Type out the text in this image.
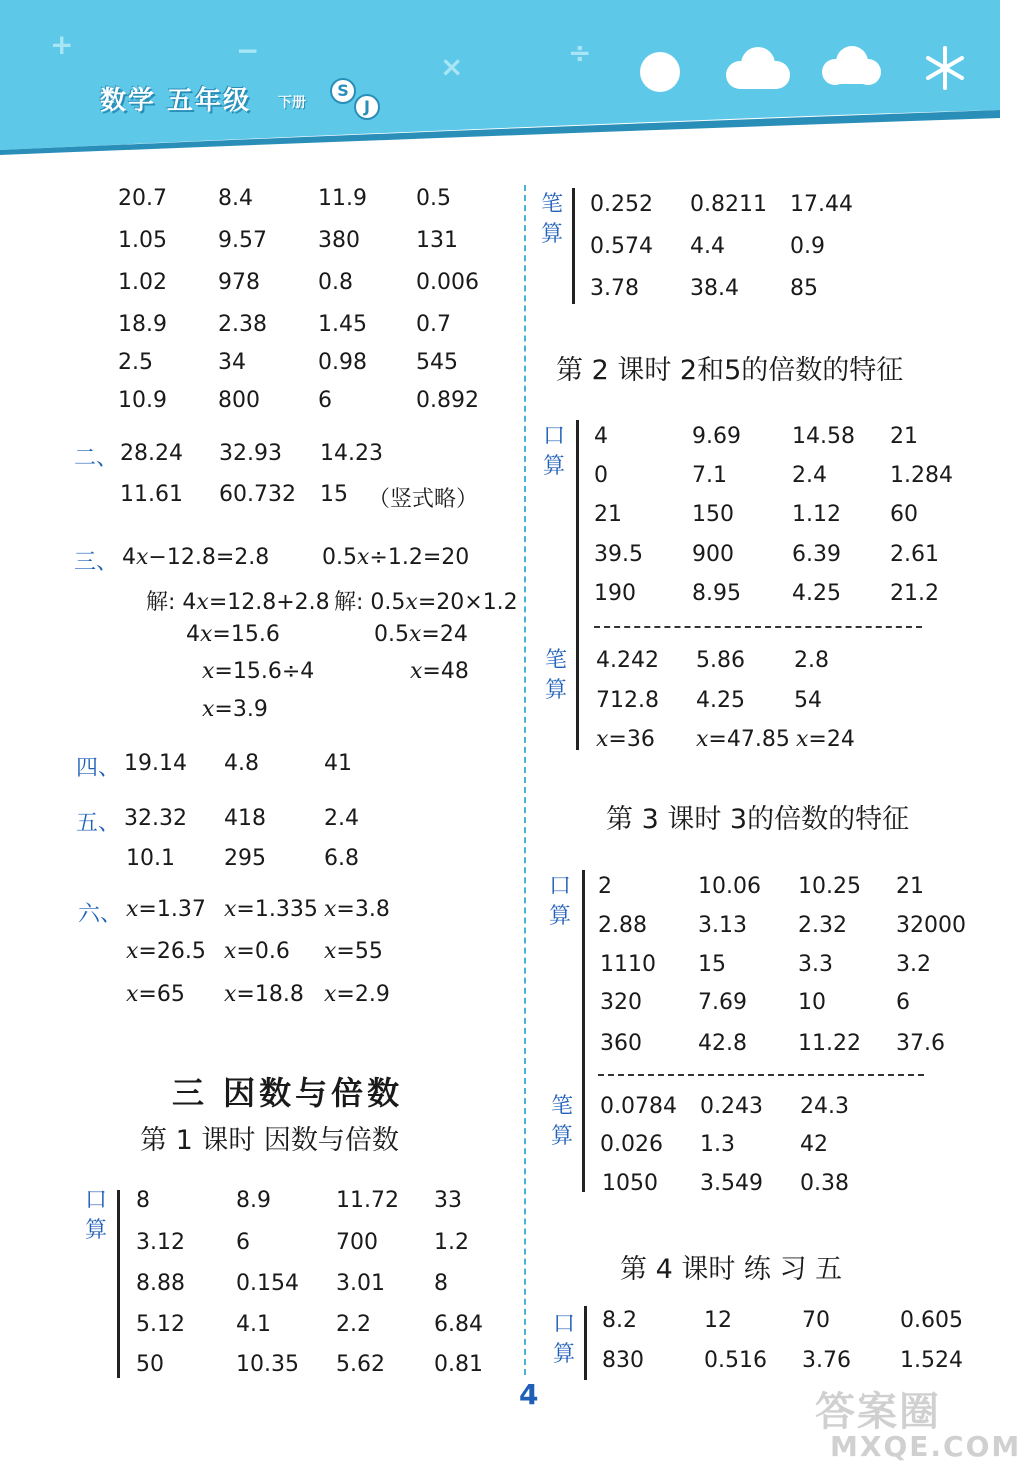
+	−	×	÷
数学 五年级 下册
S
J
20.7 8.4	11.9 0.5
1.05 9.57 380	131
1.02 978	0.8	0.006
18.9 2.38 1.45 0.7
2.5	34	0.98 545
10.9 800	6	0.892
二、 28.24 32.93 14.23
11.61 60.732 15 （竖式略）
三、 4x−12.8=2.8 0.5x÷1.2=20
解: 4x=12.8+2.8 解: 0.5x=20×1.2
4x=15.6	0.5x=24
x=15.6÷4	x=48
x=3.9
四、 19.14 4.8	41
五、 32.32 418	2.4
10.1 295	6.8
六、 x=1.37 x=1.335 x=3.8
x=26.5 x=0.6 x=55
x=65 x=18.8 x=2.9
三 因数与倍数
第 1 课时 因数与倍数
口
算
8	8.9	11.72 33
3.12 6	700	1.2
8.88 0.154 3.01 8
5.12 4.1	2.2	6.84
50	10.35 5.62 0.81
笔
算
0.252 0.8211 17.44
0.574 4.4	0.9
3.78 38.4 85
第 2 课时 2和5的倍数的特征
口
算
4	9.69 14.58 21
0	7.1	2.4	1.284
21	150	1.12 60
39.5 900	6.39 2.61
190	8.95 4.25 21.2
笔
算
4.242 5.86 2.8
712.8 4.25 54
x=36 x=47.85 x=24
第 3 课时 3的倍数的特征
口
算
2	10.06 10.25 21
2.88 3.13 2.32 32000
1110 15	3.3	3.2
320	7.69 10	6
360	42.8 11.22 37.6
笔
算
0.0784 0.243 24.3
0.026 1.3	42
1050 3.549 0.38
第 4 课时 练 习 五
口
算
8.2	12	70	0.605
830	0.516 3.76 1.524
4	答案圈
MXQE.COM
